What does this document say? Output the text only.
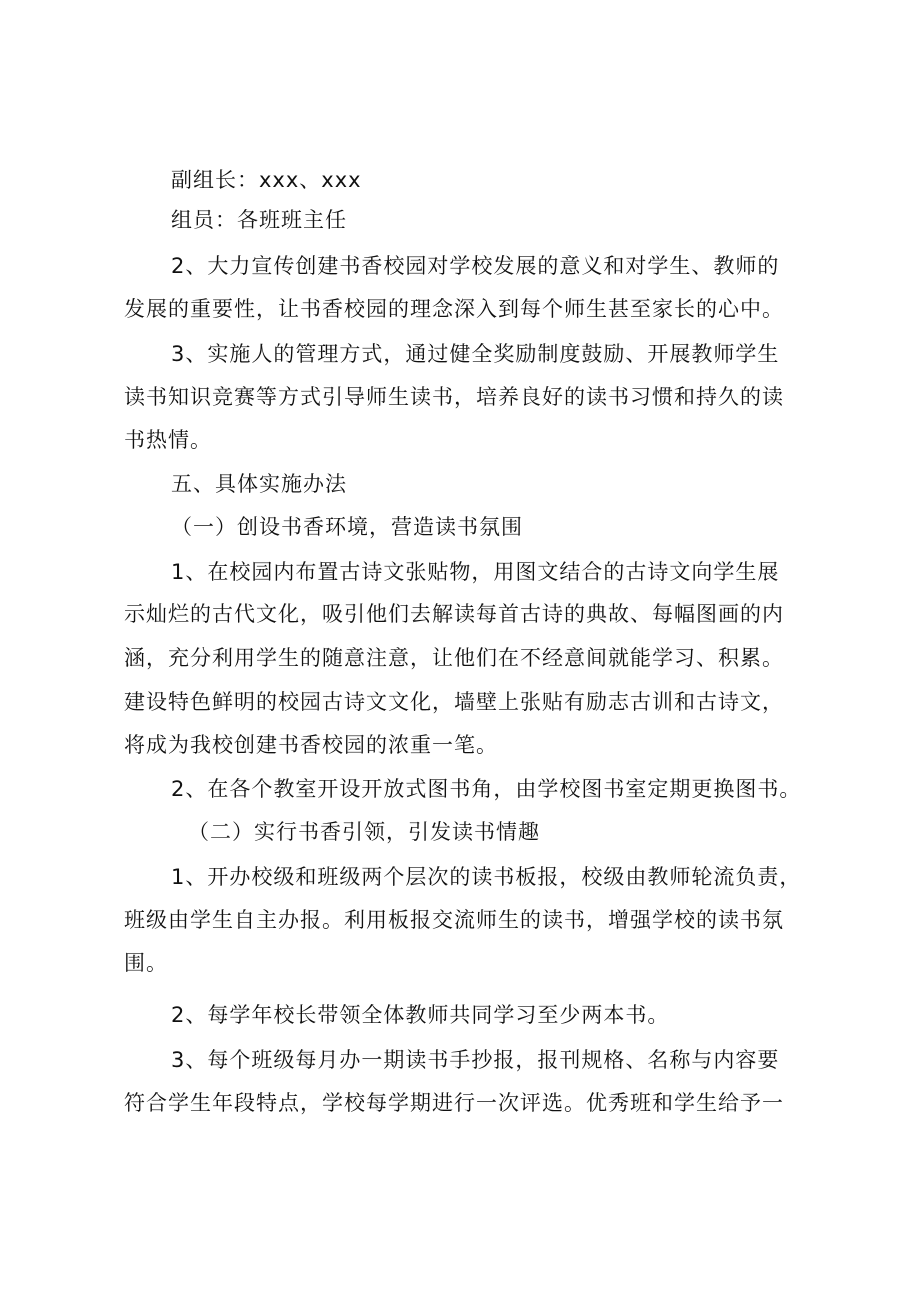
副组长：xxx、xxx
组员：各班班主任
2、大力宣传创建书香校园对学校发展的意义和对学生、教师的
发展的重要性，让书香校园的理念深入到每个师生甚至家长的心中。
3、实施人的管理方式，通过健全奖励制度鼓励、开展教师学生
读书知识竞赛等方式引导师生读书，培养良好的读书习惯和持久的读
书热情。
五、具体实施办法
（一）创设书香环境，营造读书氛围
1、在校园内布置古诗文张贴物，用图文结合的古诗文向学生展
示灿烂的古代文化，吸引他们去解读每首古诗的典故、每幅图画的内
涵，充分利用学生的随意注意，让他们在不经意间就能学习、积累。
建设特色鲜明的校园古诗文文化，墙壁上张贴有励志古训和古诗文，
将成为我校创建书香校园的浓重一笔。
2、在各个教室开设开放式图书角，由学校图书室定期更换图书。
（二）实行书香引领，引发读书情趣
1、开办校级和班级两个层次的读书板报，校级由教师轮流负责，
班级由学生自主办报。利用板报交流师生的读书，增强学校的读书氛
围。
2、每学年校长带领全体教师共同学习至少两本书。
3、每个班级每月办一期读书手抄报，报刊规格、名称与内容要
符合学生年段特点，学校每学期进行一次评选。优秀班和学生给予一
